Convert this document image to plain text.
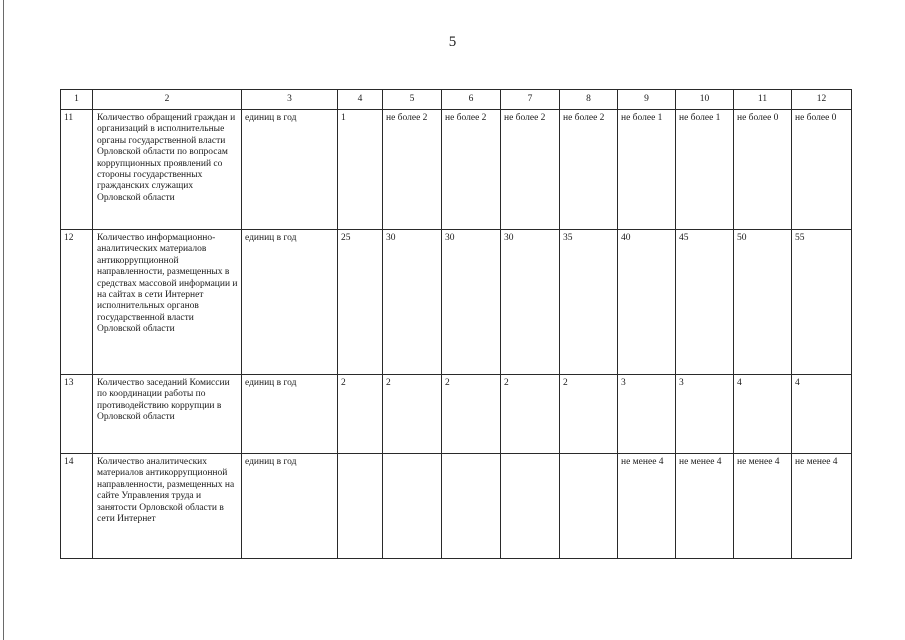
5
1	2	3	4	5	6	7	8	9	10	11	12
11	Количество обращений граждан и организаций в исполнительные органы государственной власти Орловской области по вопросам коррупционных проявлений со стороны государственных гражданских служащих Орловской области	единиц в год	1	не более 2	не более 2	не более 2	не более 2	не более 1	не более 1	не более 0	не более 0
12	Количество информационно-аналитических материалов антикоррупционной направленности, размещенных в средствах массовой информации и на сайтах в сети Интернет исполнительных органов государственной власти Орловской области	единиц в год	25	30	30	30	35	40	45	50	55
13	Количество заседаний Комиссии по координации работы по противодействию коррупции в Орловской области	единиц в год	2	2	2	2	2	3	3	4	4
14	Количество аналитических материалов антикоррупционной направленности, размещенных на сайте Управления труда и занятости Орловской области в сети Интернет	единиц в год						не менее 4	не менее 4	не менее 4	не менее 4
